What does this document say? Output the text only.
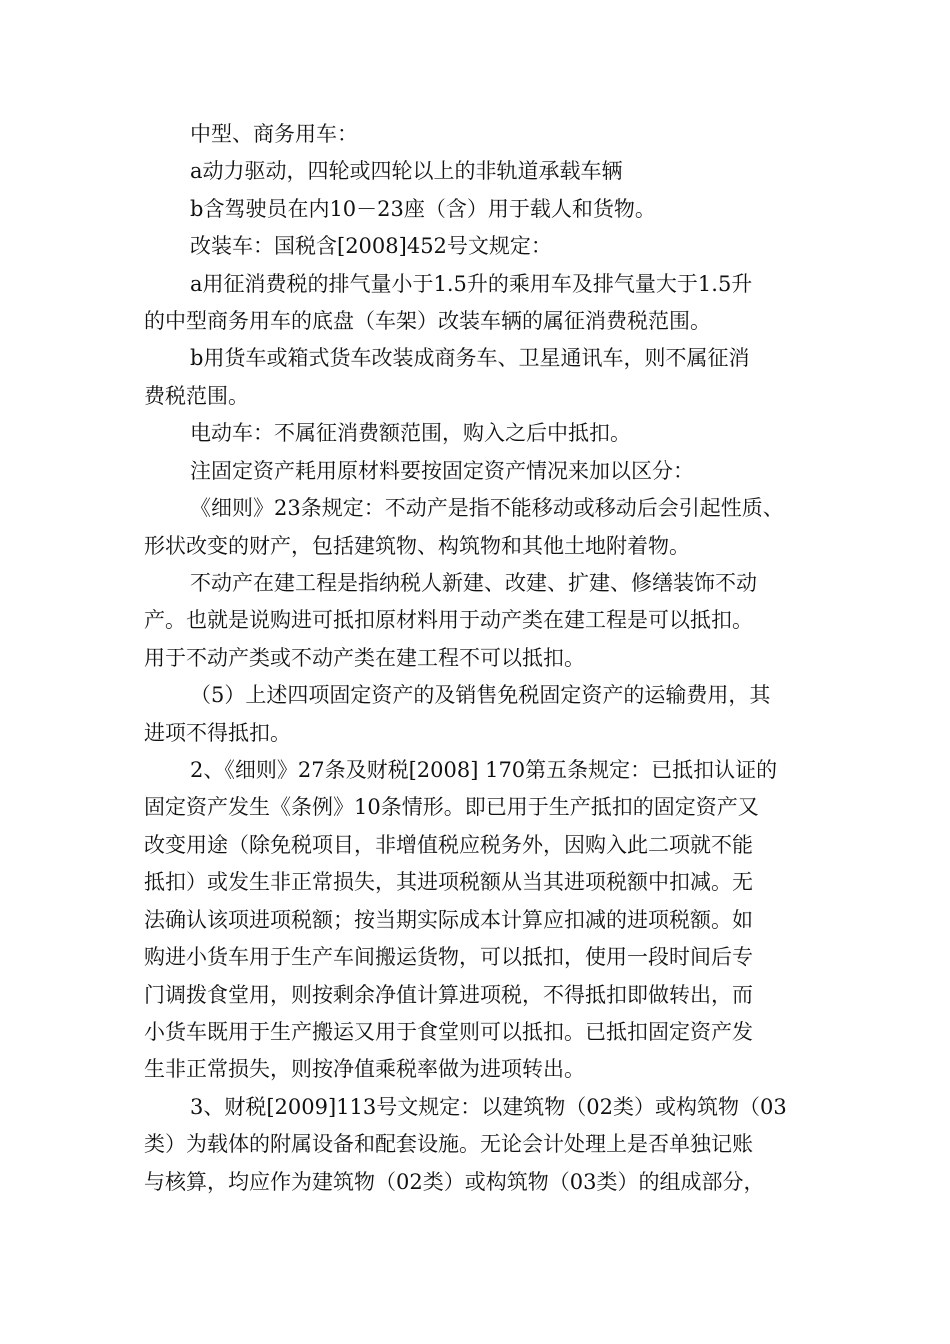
中型、商务用车：
a动力驱动，四轮或四轮以上的非轨道承载车辆
b含驾驶员在内10－23座（含）用于载人和货物。
改装车：国税含[2008]452号文规定：
a用征消费税的排气量小于1.5升的乘用车及排气量大于1.5升
的中型商务用车的底盘（车架）改装车辆的属征消费税范围。
b用货车或箱式货车改装成商务车、卫星通讯车，则不属征消
费税范围。
电动车：不属征消费额范围，购入之后中抵扣。
注固定资产耗用原材料要按固定资产情况来加以区分：
《细则》23条规定：不动产是指不能移动或移动后会引起性质、
形状改变的财产，包括建筑物、构筑物和其他土地附着物。
不动产在建工程是指纳税人新建、改建、扩建、修缮装饰不动
产。也就是说购进可抵扣原材料用于动产类在建工程是可以抵扣。
用于不动产类或不动产类在建工程不可以抵扣。
（5）上述四项固定资产的及销售免税固定资产的运输费用，其
进项不得抵扣。
2、《细则》27条及财税[2008] 170第五条规定：已抵扣认证的
固定资产发生《条例》10条情形。即已用于生产抵扣的固定资产又
改变用途（除免税项目，非增值税应税务外，因购入此二项就不能
抵扣）或发生非正常损失，其进项税额从当其进项税额中扣减。无
法确认该项进项税额；按当期实际成本计算应扣减的进项税额。如
购进小货车用于生产车间搬运货物，可以抵扣，使用一段时间后专
门调拨食堂用，则按剩余净值计算进项税，不得抵扣即做转出，而
小货车既用于生产搬运又用于食堂则可以抵扣。已抵扣固定资产发
生非正常损失，则按净值乘税率做为进项转出。
3、财税[2009]113号文规定：以建筑物（02类）或构筑物（03
类）为载体的附属设备和配套设施。无论会计处理上是否单独记账
与核算，均应作为建筑物（02类）或构筑物（03类）的组成部分，
